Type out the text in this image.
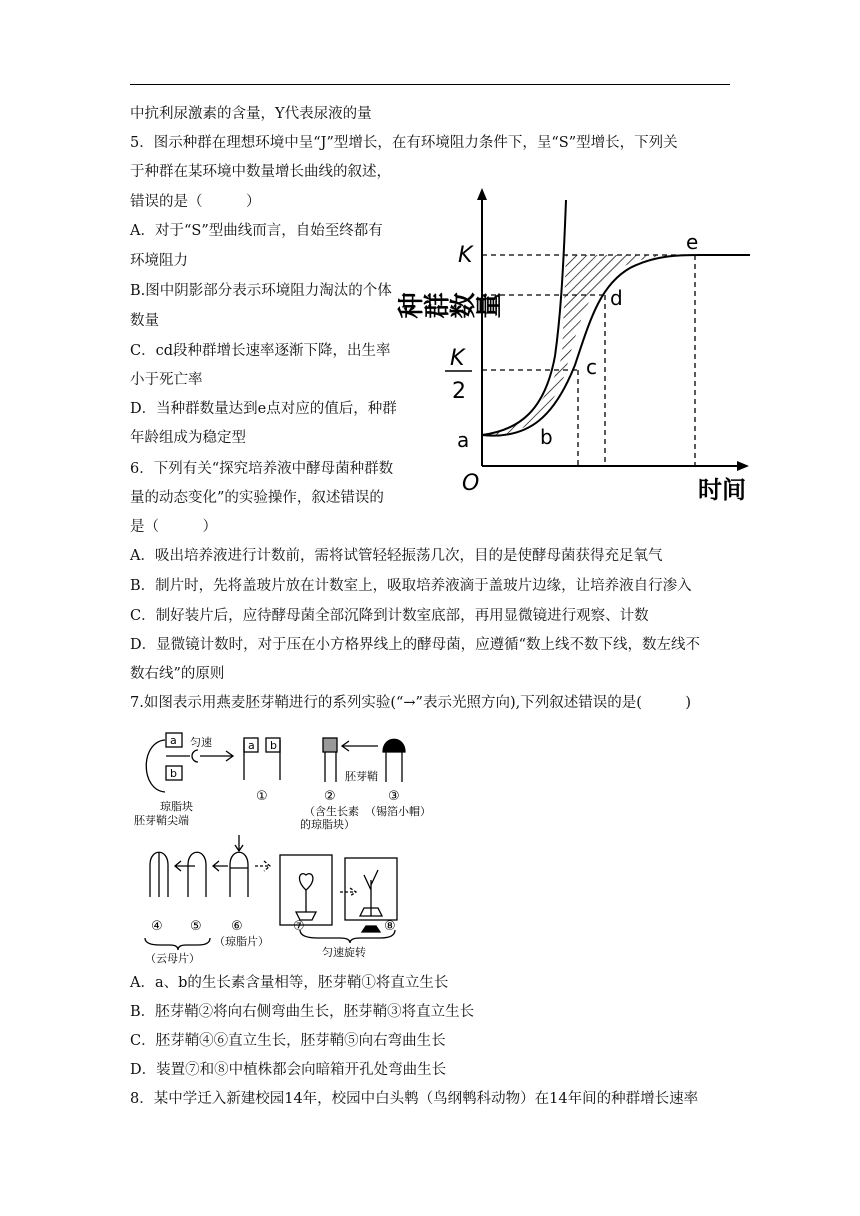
中抗利尿激素的含量，Y代表尿液的量
5．图示种群在理想环境中呈“J”型增长，在有环境阻力条件下，呈“S”型增长，下列关
于种群在某环境中数量增长曲线的叙述，
错误的是（　　　）
A．对于“S”型曲线而言，自始至终都有
环境阻力
B.图中阴影部分表示环境阻力淘汰的个体
数量
C．cd段种群增长速率逐渐下降，出生率
小于死亡率
D．当种群数量达到e点对应的值后，种群
年龄组成为稳定型
6．下列有关“探究培养液中酵母菌种群数
量的动态变化”的实验操作，叙述错误的
是（　　　）
A．吸出培养液进行计数前，需将试管轻轻振荡几次，目的是使酵母菌获得充足氧气
B．制片时，先将盖玻片放在计数室上，吸取培养液滴于盖玻片边缘，让培养液自行渗入
C．制好装片后，应待酵母菌全部沉降到计数室底部，再用显微镜进行观察、计数
D．显微镜计数时，对于压在小方格界线上的酵母菌，应遵循“数上线不数下线，数左线不
数右线”的原则
7.如图表示用燕麦胚芽鞘进行的系列实验(“→”表示光照方向),下列叙述错误的是(　　　)
A．a、b的生长素含量相等，胚芽鞘①将直立生长
B．胚芽鞘②将向右侧弯曲生长，胚芽鞘③将直立生长
C．胚芽鞘④⑥直立生长，胚芽鞘⑤向右弯曲生长
D．装置⑦和⑧中植株都会向暗箱开孔处弯曲生长
8．某中学迁入新建校园14年，校园中白头鹎（鸟纲鹎科动物）在14年间的种群增长速率
种群数量
K
K
2
O	时间
a	b
c
d
e
a
b
匀速
琼脂块
胚芽鞘尖端
a b
①	②	③
胚芽鞘
（含生长素
的琼脂块）
（锡箔小帽）
④ ⑤ ⑥	⑦	⑧
（云母片）
（琼脂片）
匀速旋转
